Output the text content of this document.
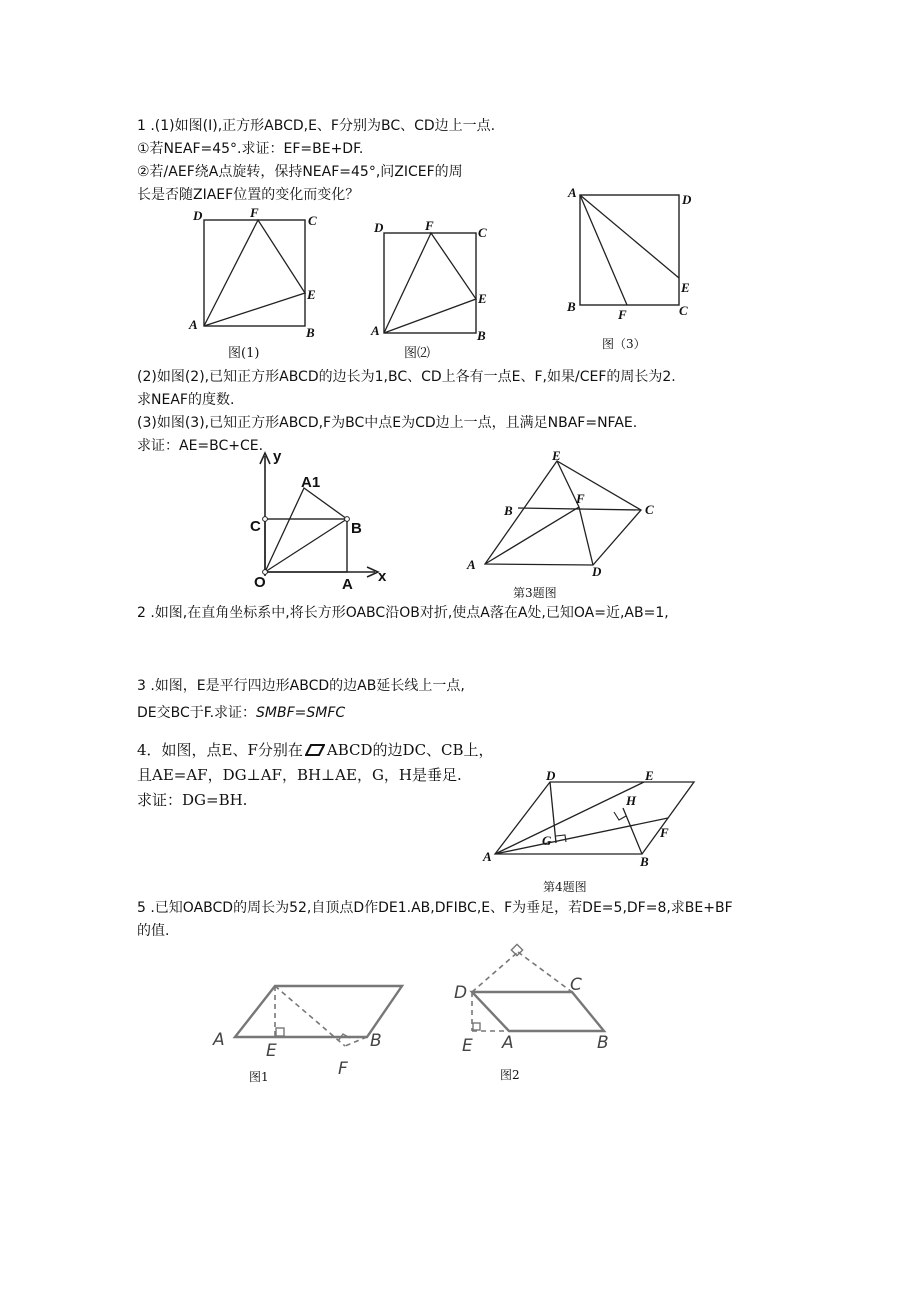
1 .(1)如图(I),正方形ABCD,E、F分别为BC、CD边上一点.
①若NEAF=45°.求证：EF=BE+DF.
②若/AEF绕A点旋转，保持NEAF=45°,问ZICEF的周
长是否随ZIAEF位置的变化而变化？
D	F
C
E
A
B
图(1)
D	F	C
E
A	B
图⑵
A	D
E
B
F	C
图（3）
(2)如图(2),已知正方形ABCD的边长为1,BC、CD上各有一点E、F,如果/CEF的周长为2.
求NEAF的度数.
(3)如图(3),已知正方形ABCD,F为BC中点E为CD边上一点，且满足NBAF=NFAE.
求证：AE=BC+CE.
y
A1
C	B
O	A x
E
B
F
C
A	D
第3题图
2 .如图,在直角坐标系中,将长方形OABC沿OB对折,使点A落在A处,已知OA=近,AB=1,
3 .如图，E是平行四边形ABCD的边AB延长线上一点,
DE交BC于F.求证：SMBF=SMFC
4．如图，点E、F分别在 ABCD的边DC、CB上，
且AE=AF，DG⊥AF，BH⊥AE，G，H是垂足.
求证：DG=BH.
D	E
H
G
F
A	B
第4题图
5 .已知OABCD的周长为52,自顶点D作DE1.AB,DFIBC,E、F为垂足，若DE=5,DF=8,求BE+BF
的值.
A
E	B
F
图1
D	C
E A	B
图2
